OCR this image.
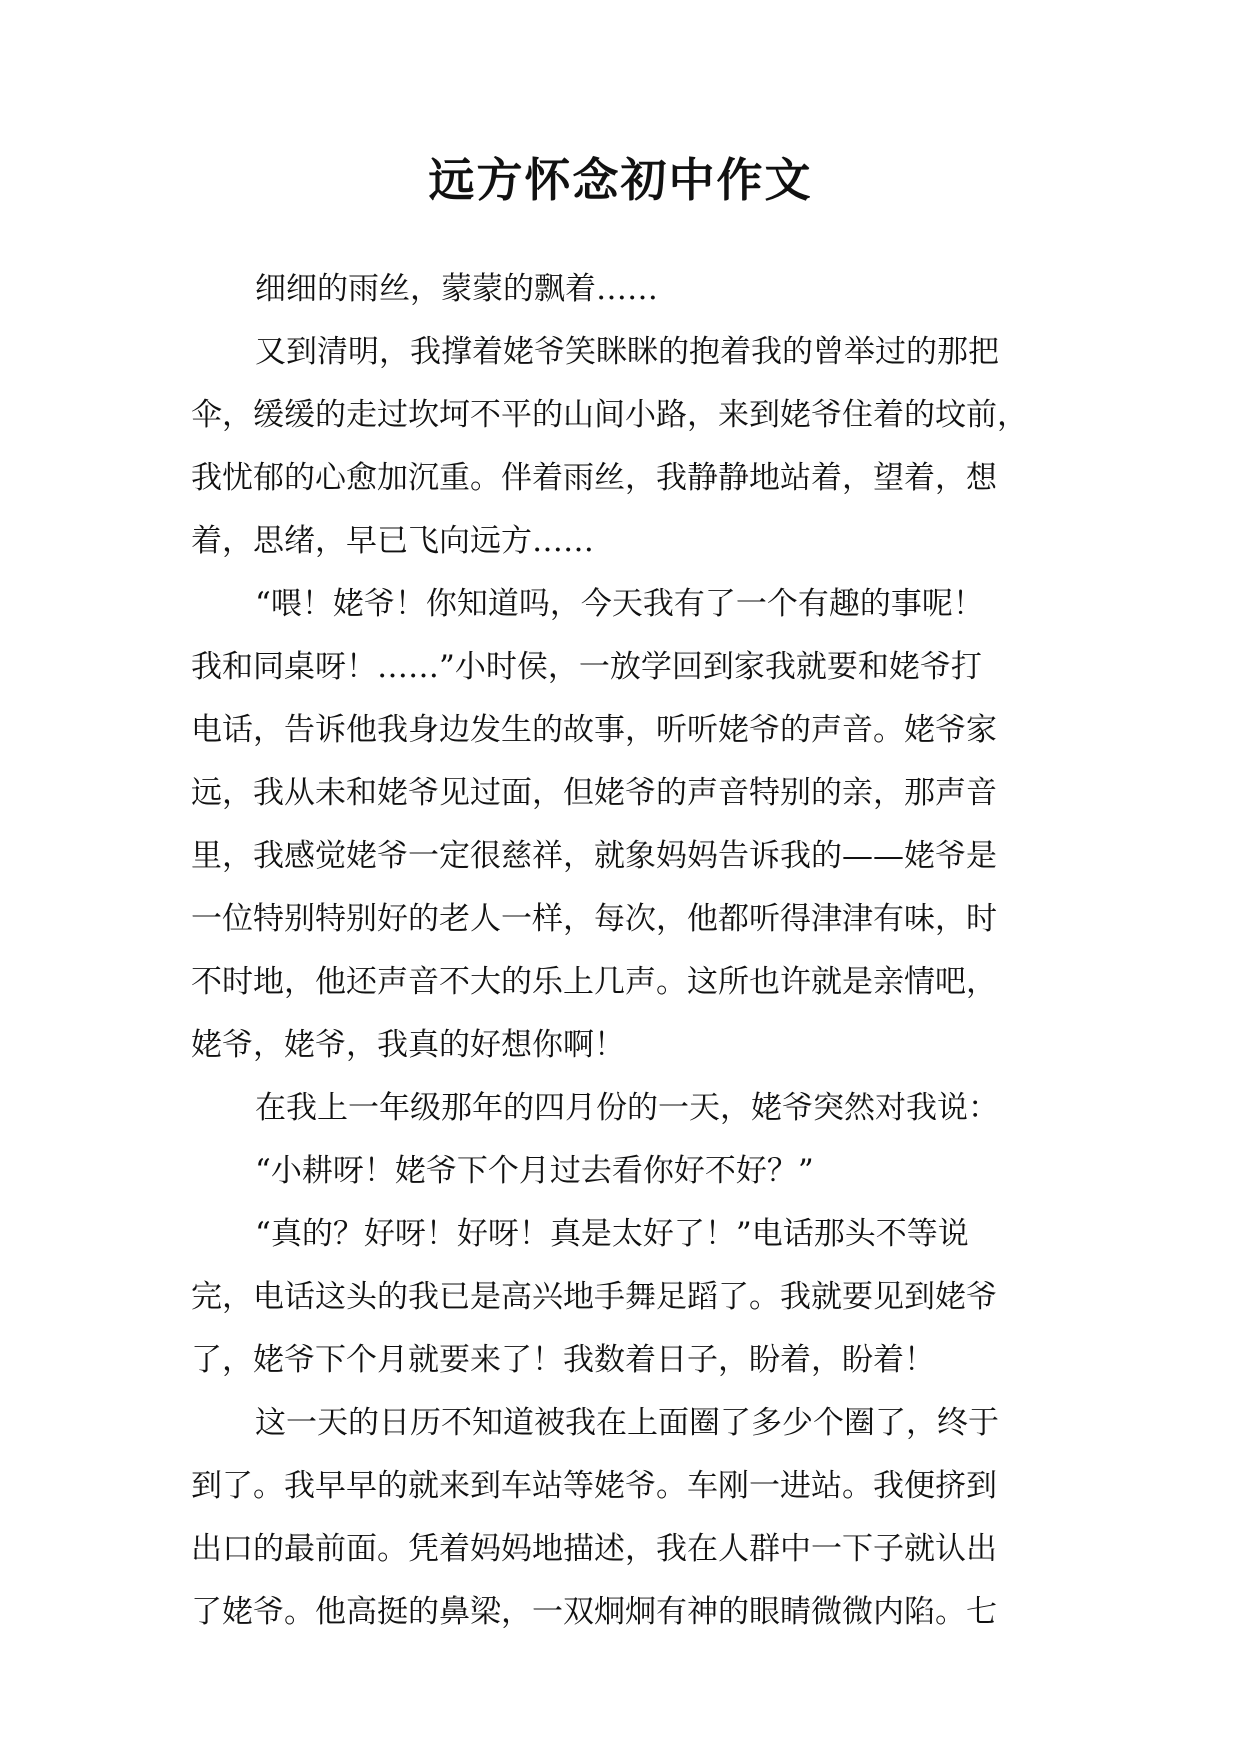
远方怀念初中作文
细细的雨丝，蒙蒙的飘着……
又到清明，我撑着姥爷笑眯眯的抱着我的曾举过的那把
伞，缓缓的走过坎坷不平的山间小路，来到姥爷住着的坟前，
我忧郁的心愈加沉重。伴着雨丝，我静静地站着，望着，想
着，思绪，早已飞向远方……
“喂！姥爷！你知道吗，今天我有了一个有趣的事呢！
我和同桌呀！……”小时侯，一放学回到家我就要和姥爷打
电话，告诉他我身边发生的故事，听听姥爷的声音。姥爷家
远，我从未和姥爷见过面，但姥爷的声音特别的亲，那声音
里，我感觉姥爷一定很慈祥，就象妈妈告诉我的——姥爷是
一位特别特别好的老人一样，每次，他都听得津津有味，时
不时地，他还声音不大的乐上几声。这所也许就是亲情吧，
姥爷，姥爷，我真的好想你啊！
在我上一年级那年的四月份的一天，姥爷突然对我说：
“小耕呀！姥爷下个月过去看你好不好？”
“真的？好呀！好呀！真是太好了！”电话那头不等说
完，电话这头的我已是高兴地手舞足蹈了。我就要见到姥爷
了，姥爷下个月就要来了！我数着日子，盼着，盼着！
这一天的日历不知道被我在上面圈了多少个圈了，终于
到了。我早早的就来到车站等姥爷。车刚一进站。我便挤到
出口的最前面。凭着妈妈地描述，我在人群中一下子就认出
了姥爷。他高挺的鼻梁，一双炯炯有神的眼睛微微内陷。七
